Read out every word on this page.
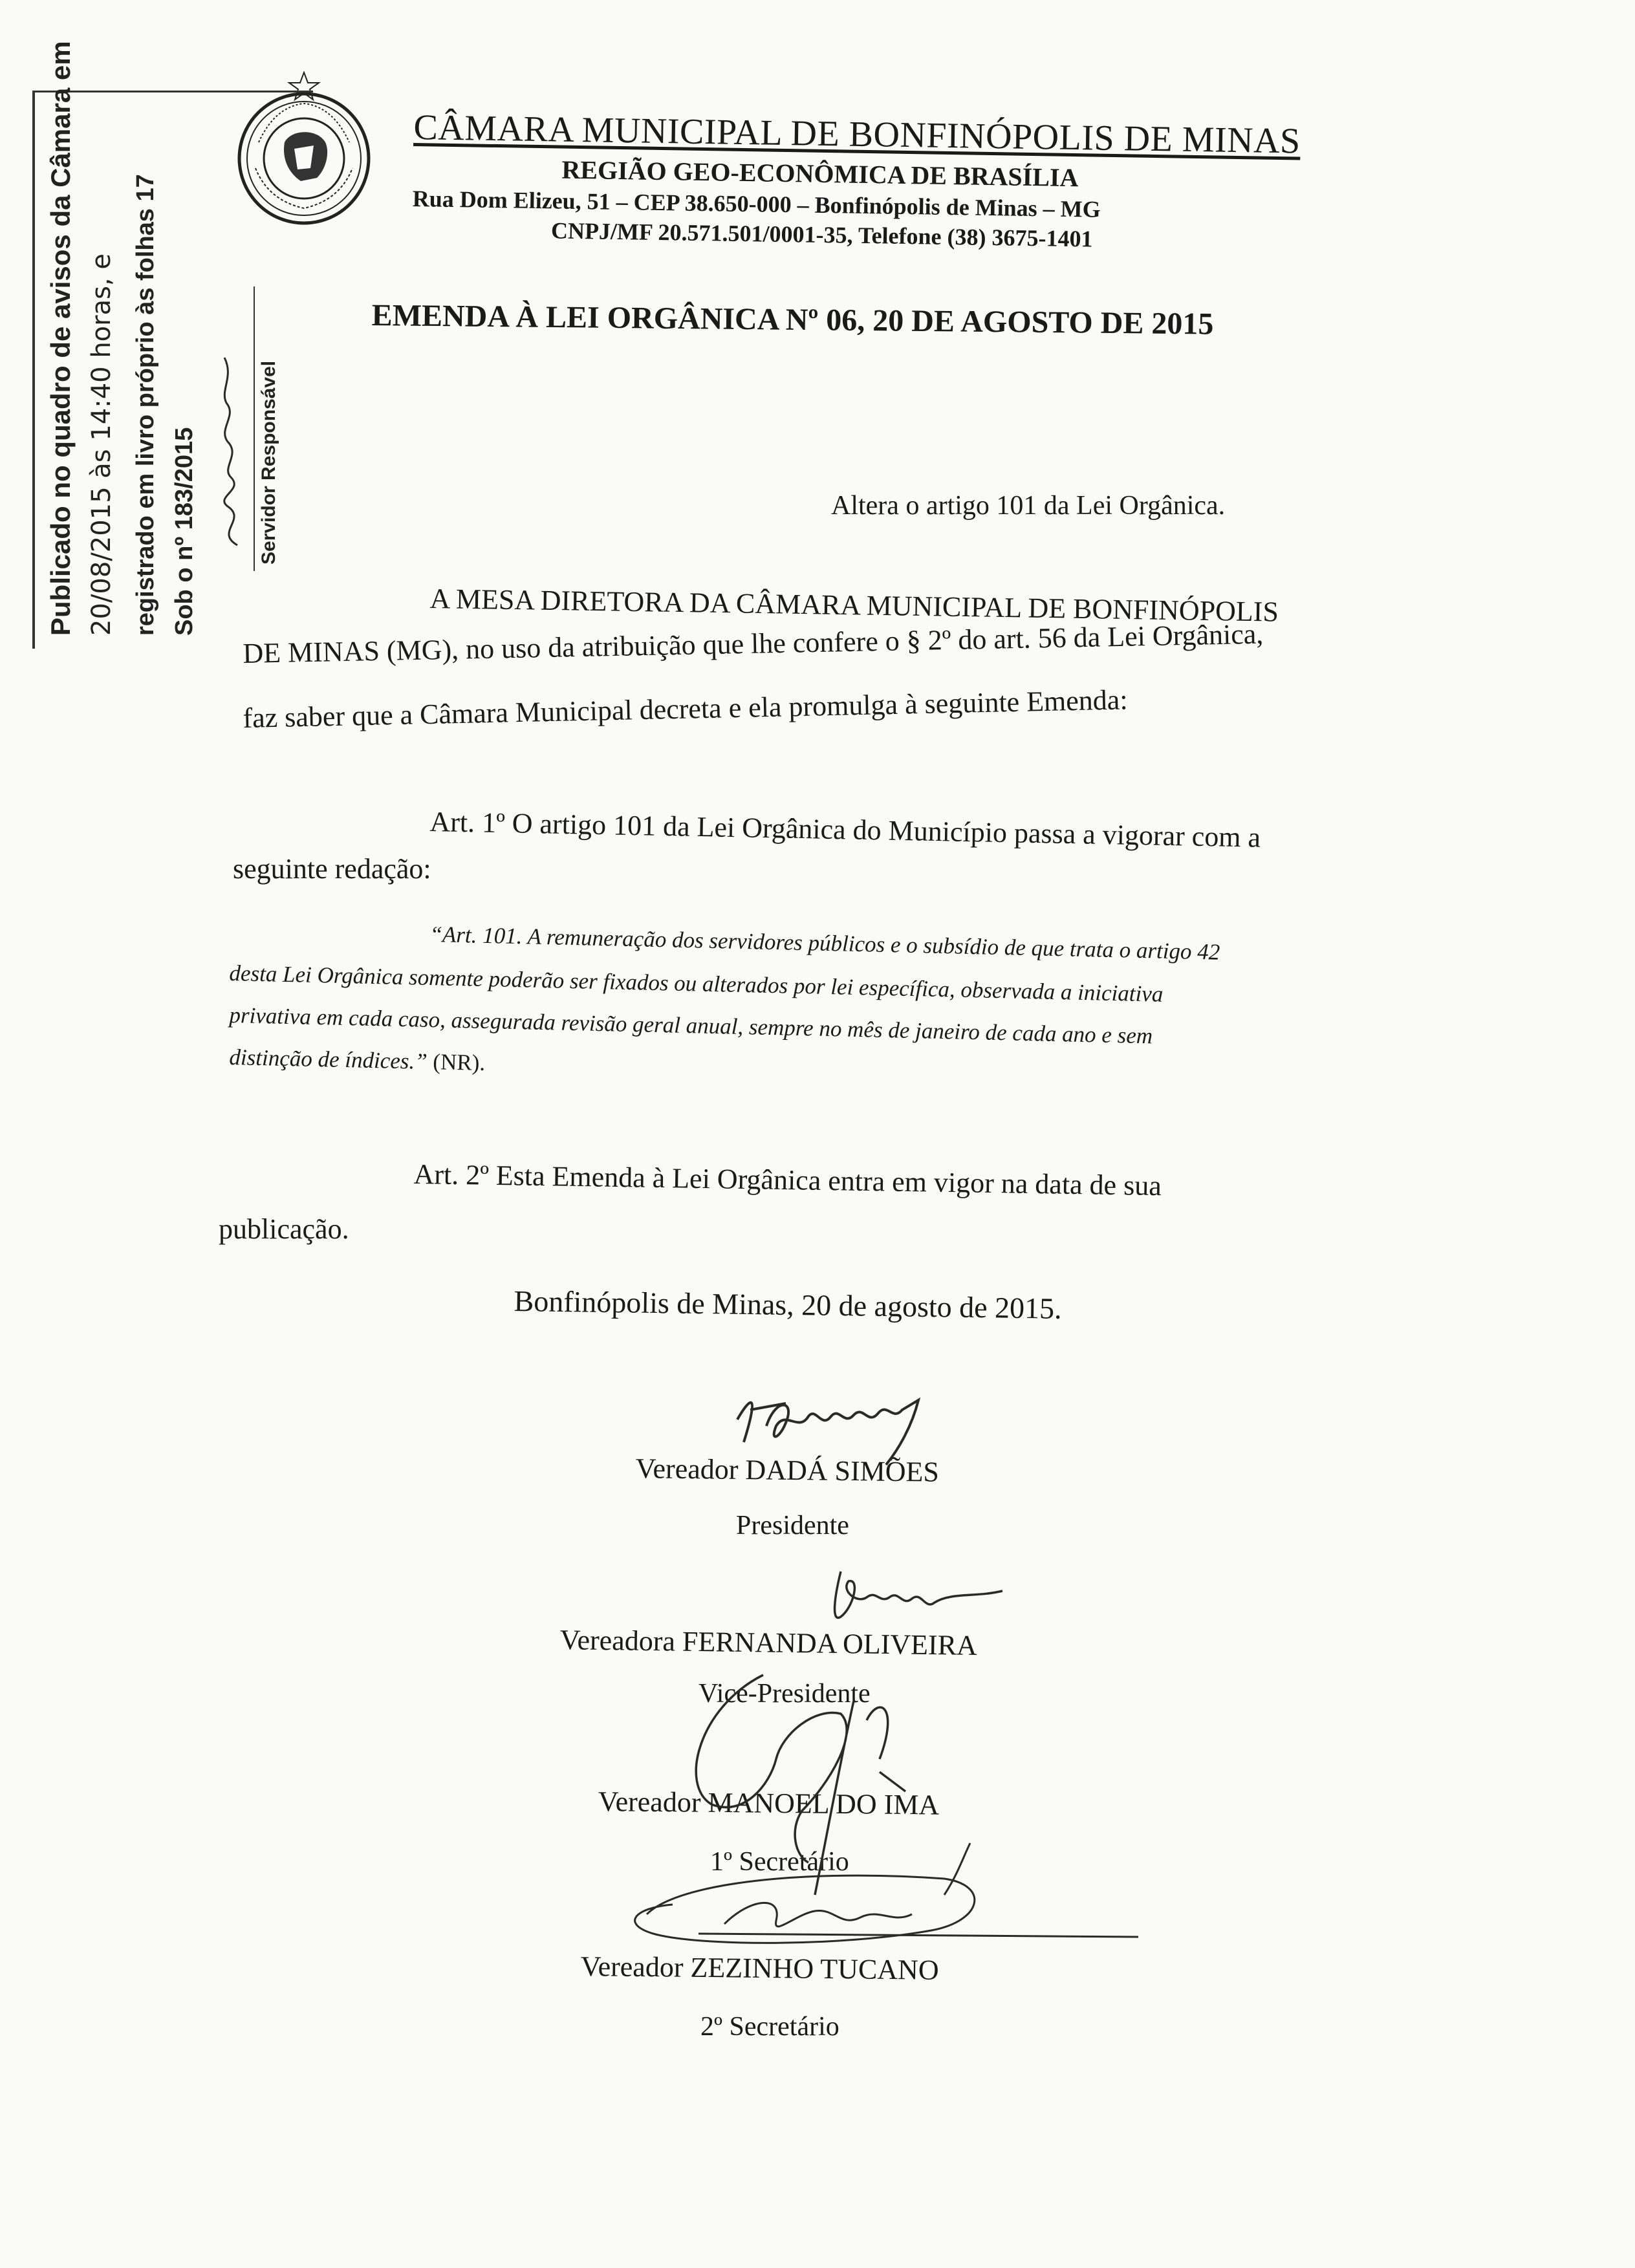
CÂMARA MUNICIPAL DE BONFINÓPOLIS DE MINAS
REGIÃO GEO-ECONÔMICA DE BRASÍLIA
Rua Dom Elizeu, 51 – CEP 38.650-000 – Bonfinópolis de Minas – MG
CNPJ/MF 20.571.501/0001-35, Telefone (38) 3675-1401
Publicado no quadro de avisos da Câmara em 20/08/2015 às 14:40 horas, e registrado em livro próprio às folhas 17 Sob o nº 183/2015	Servidor Responsável
EMENDA À LEI ORGÂNICA Nº 06, 20 DE AGOSTO DE 2015
Altera o artigo 101 da Lei Orgânica.
A MESA DIRETORA DA CÂMARA MUNICIPAL DE BONFINÓPOLIS
DE MINAS (MG), no uso da atribuição que lhe confere o § 2º do art. 56 da Lei Orgânica,
faz saber que a Câmara Municipal decreta e ela promulga à seguinte Emenda:
Art. 1º O artigo 101 da Lei Orgânica do Município passa a vigorar com a
seguinte redação:
“Art. 101. A remuneração dos servidores públicos e o subsídio de que trata o artigo 42
desta Lei Orgânica somente poderão ser fixados ou alterados por lei específica, observada a iniciativa
privativa em cada caso, assegurada revisão geral anual, sempre no mês de janeiro de cada ano e sem
distinção de índices.” (NR).
Art. 2º Esta Emenda à Lei Orgânica entra em vigor na data de sua
publicação.
Bonfinópolis de Minas, 20 de agosto de 2015.
Vereador DADÁ SIMÕES
Presidente
Vereadora FERNANDA OLIVEIRA
Vice-Presidente
Vereador MANOEL DO IMA
1º Secretário
Vereador ZEZINHO TUCANO
2º Secretário
